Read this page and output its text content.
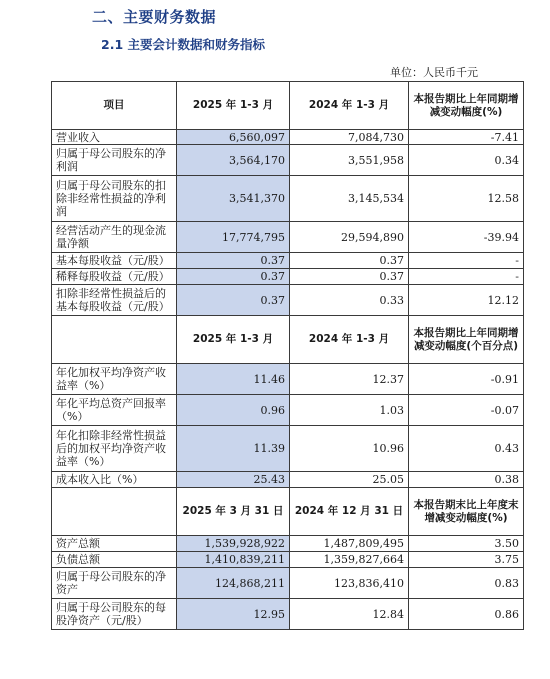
二、主要财务数据
2.1 主要会计数据和财务指标
单位：人民币千元
项目	2025 年 1-3 月	2024 年 1-3 月	本报告期比上年同期增减变动幅度(%)
营业收入	6,560,097	7,084,730	-7.41
归属于母公司股东的净利润	3,564,170	3,551,958	0.34
归属于母公司股东的扣除非经常性损益的净利润	3,541,370	3,145,534	12.58
经营活动产生的现金流量净额	17,774,795	29,594,890	-39.94
基本每股收益（元/股）	0.37	0.37	-
稀释每股收益（元/股）	0.37	0.37	-
扣除非经常性损益后的基本每股收益（元/股）	0.37	0.33	12.12
	2025 年 1-3 月	2024 年 1-3 月	本报告期比上年同期增减变动幅度(个百分点)
年化加权平均净资产收益率（%）	11.46	12.37	-0.91
年化平均总资产回报率（%）	0.96	1.03	-0.07
年化扣除非经常性损益后的加权平均净资产收益率（%）	11.39	10.96	0.43
成本收入比（%）	25.43	25.05	0.38
	2025 年 3 月 31 日	2024 年 12 月 31 日	本报告期末比上年度末增减变动幅度(%)
资产总额	1,539,928,922	1,487,809,495	3.50
负债总额	1,410,839,211	1,359,827,664	3.75
归属于母公司股东的净资产	124,868,211	123,836,410	0.83
归属于母公司股东的每股净资产（元/股）	12.95	12.84	0.86
